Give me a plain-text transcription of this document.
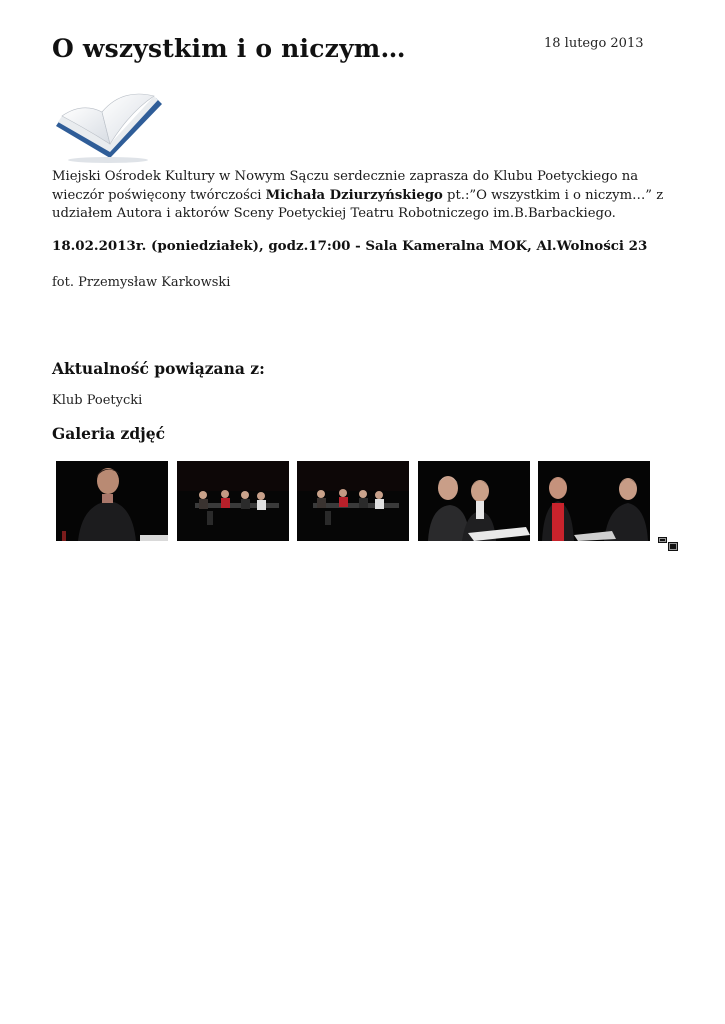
O wszystkim i o niczym…	18 lutego 2013

Miejski Ośrodek Kultury w Nowym Sączu serdecznie zaprasza do Klubu Poetyckiego na wieczór poświęcony twórczości Michała Dziurzyńskiego pt.:”O wszystkim i o niczym…” z udziałem Autora i aktorów Sceny Poetyckiej Teatru Robotniczego im.B.Barbackiego.

18.02.2013r. (poniedziałek), godz.17:00 - Sala Kameralna MOK, Al.Wolności 23

fot. Przemysław Karkowski

Aktualność powiązana z:
Klub Poetycki
Galeria zdjęć
